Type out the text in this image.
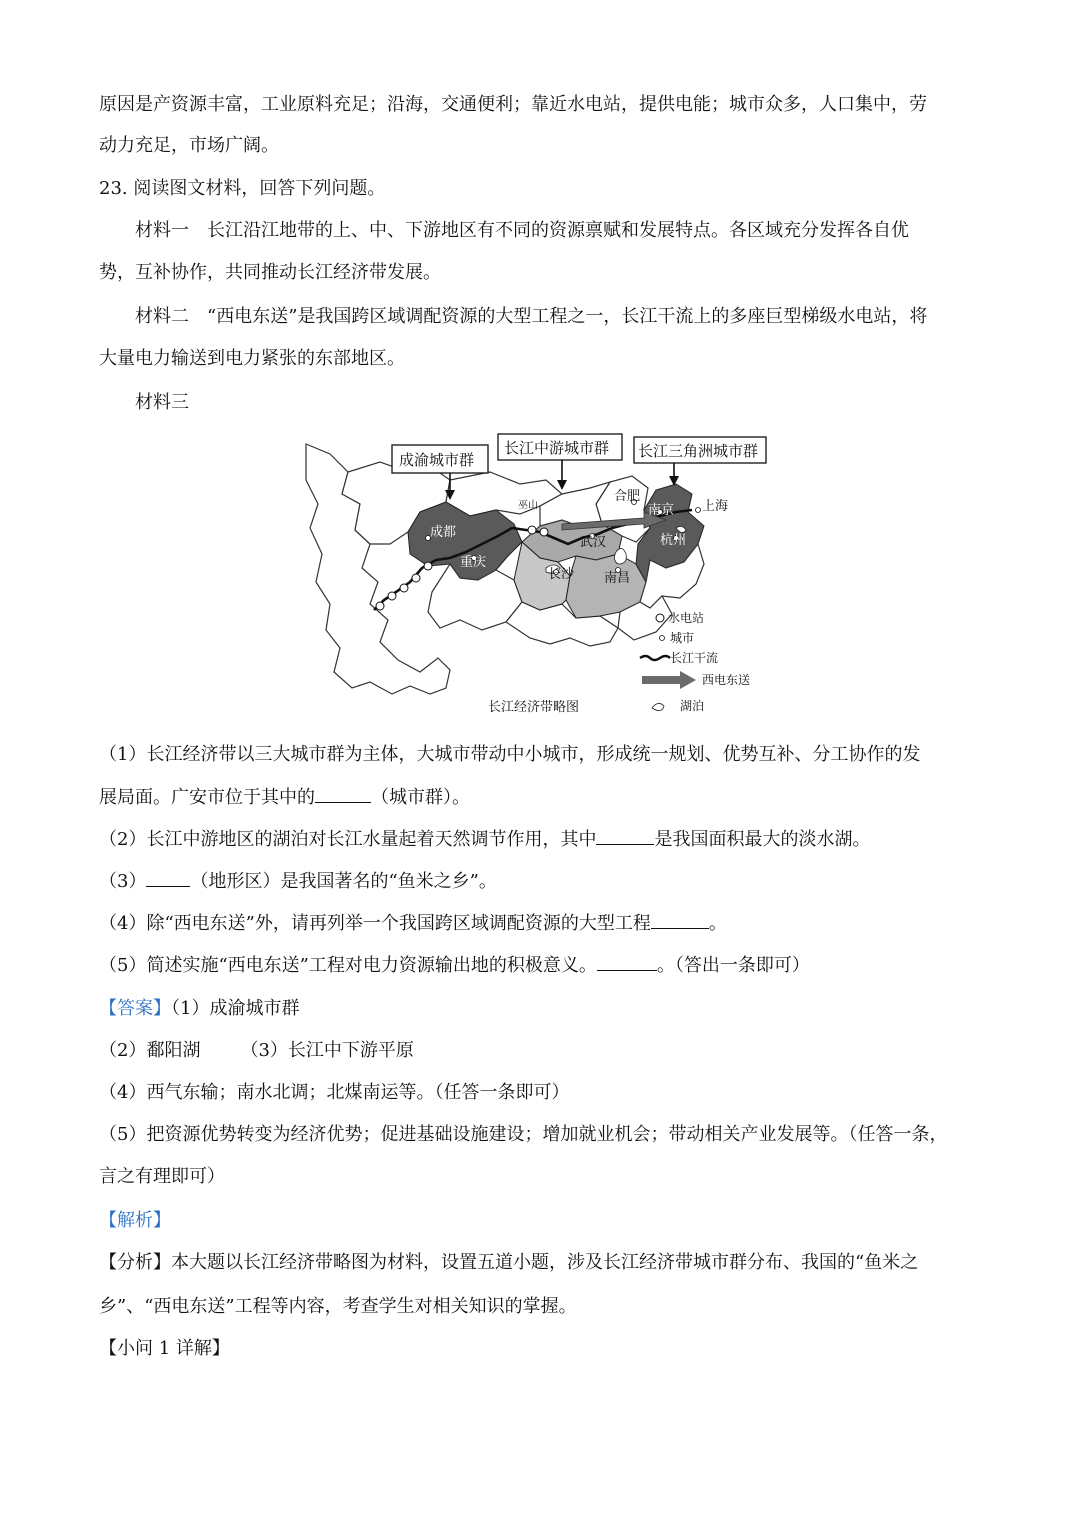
原因是产资源丰富，工业原料充足；沿海，交通便利；靠近水电站，提供电能；城市众多，人口集中，劳
动力充足，市场广阔。
23. 阅读图文材料，回答下列问题。
材料一　长江沿江地带的上、中、下游地区有不同的资源禀赋和发展特点。各区域充分发挥各自优
势，互补协作，共同推动长江经济带发展。
材料二　“西电东送”是我国跨区域调配资源的大型工程之一，长江干流上的多座巨型梯级水电站，将
大量电力输送到电力紧张的东部地区。
材料三
成都
重庆
巫山
武汉
长沙 南昌
合肥
南京 上海
杭州
成渝城市群
长江中游城市群 长江三角洲城市群
水电站
城市
长江干流
西电东送
湖泊
长江经济带略图
（1）长江经济带以三大城市群为主体，大城市带动中小城市，形成统一规划、优势互补、分工协作的发
展局面。广安市位于其中的	（城市群）。
（2）长江中游地区的湖泊对长江水量起着天然调节作用，其中	是我国面积最大的淡水湖。
（3） （地形区）是我国著名的“鱼米之乡”。
（4）除“西电东送”外，请再列举一个我国跨区域调配资源的大型工程	。
（5）简述实施“西电东送”工程对电力资源输出地的积极意义。	。（答出一条即可）
【答案】（1）成渝城市群
（2）鄱阳湖 （3）长江中下游平原
（4）西气东输；南水北调；北煤南运等。（任答一条即可）
（5）把资源优势转变为经济优势；促进基础设施建设；增加就业机会；带动相关产业发展等。（任答一条，
言之有理即可）
【解析】
【分析】本大题以长江经济带略图为材料，设置五道小题，涉及长江经济带城市群分布、我国的“鱼米之
乡”、“西电东送”工程等内容，考查学生对相关知识的掌握。
【小问 1 详解】
